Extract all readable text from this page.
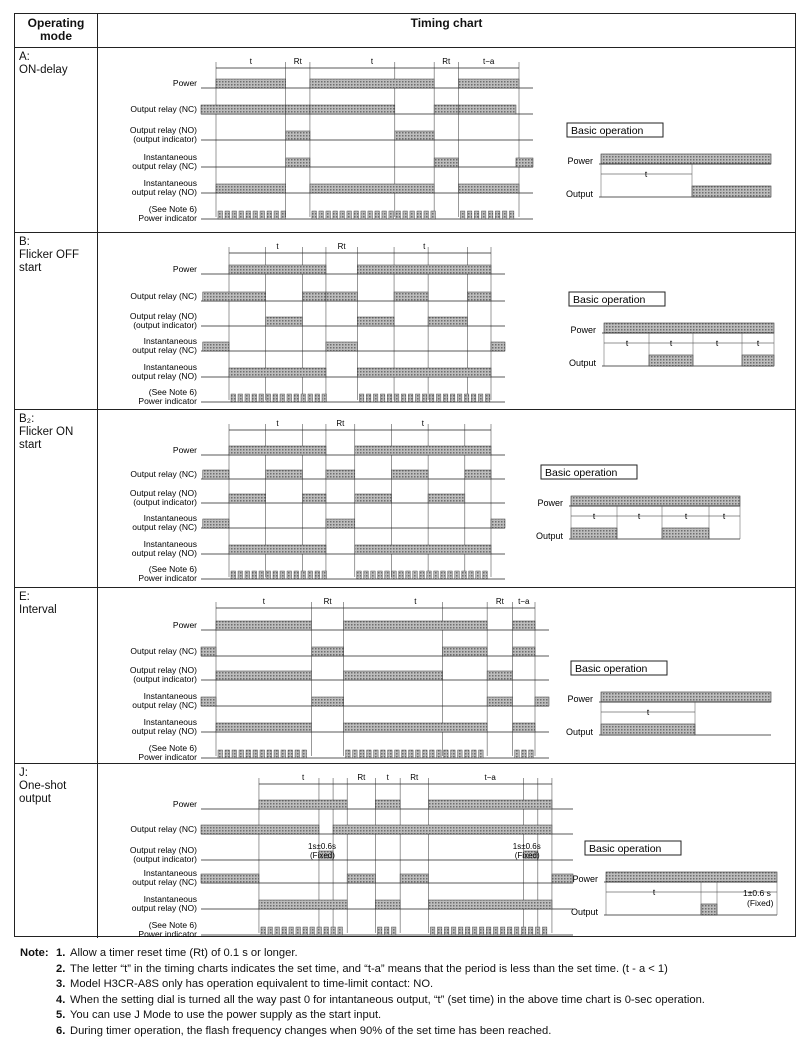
Operating mode
Timing chart
A:
ON-delay
t	Rt	t	Rt	t−a
Power
Output relay (NC)
Output relay (NO)
(output indicator)
Instantaneous
output relay (NC)
Instantaneous
output relay (NO)
(See Note 6)
Power indicator
Basic operation
Power
Output
t
B:
Flicker OFF
start
t	Rt	t
Power
Output relay (NC)
Output relay (NO)
(output indicator)
Instantaneous
output relay (NC)
Instantaneous
output relay (NO)
(See Note 6)
Power indicator
Basic operation
Power
Output
t	t	t	t
B₂:
Flicker ON
start
t	Rt	t
Power
Output relay (NC)
Output relay (NO)
(output indicator)
Instantaneous
output relay (NC)
Instantaneous
output relay (NO)
(See Note 6)
Power indicator
Basic operation
Power
Output
t	t	t	t
E:
Interval
t	Rt	t	Rt t−a
Power
Output relay (NC)
Output relay (NO)
(output indicator)
Instantaneous
output relay (NC)
Instantaneous
output relay (NO)
(See Note 6)
Power indicator
Basic operation
Power
Output
t
J:
One-shot
output
t	Rt	t	Rt	t−a
Power
Output relay (NC)
Output relay (NO)
(output indicator)
Instantaneous
output relay (NC)
Instantaneous
output relay (NO)
(See Note 6)
Power indicator
Basic operation
Power
Output
t	1±0.6 s
(Fixed)
1s±0.6s
(Fixed)
1s±0.6s
(Fixed)
Note: 1. Allow a timer reset time (Rt) of 0.1 s or longer.
2. The letter “t” in the timing charts indicates the set time, and “t-a” means that the period is less than the set time. (t - a < 1)
3. Model H3CR-A8S only has operation equivalent to time-limit contact: NO.
4. When the setting dial is turned all the way past 0 for intantaneous output, “t” (set time) in the above time chart is 0-sec operation.
5. You can use J Mode to use the power supply as the start input.
6. During timer operation, the flash frequency changes when 90% of the set time has been reached.
